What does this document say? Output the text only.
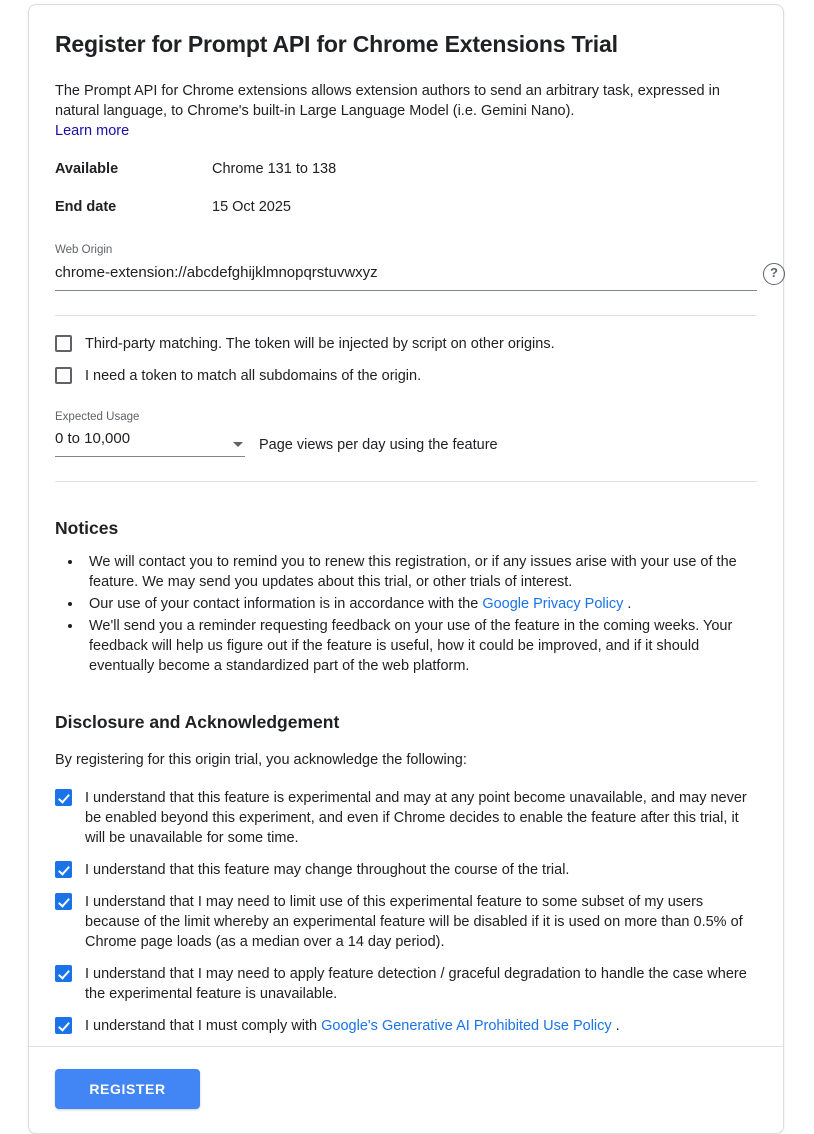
Register for Prompt API for Chrome Extensions Trial

The Prompt API for Chrome extensions allows extension authors to send an arbitrary task, expressed in natural language, to Chrome's built-in Large Language Model (i.e. Gemini Nano).
Learn more

Available	Chrome 131 to 138
End date	15 Oct 2025
Web Origin
chrome-extension://abcdefghijklmnopqrstuvwxyz
?
Third-party matching. The token will be injected by script on other origins.
I need a token to match all subdomains of the origin.
Expected Usage
0 to 10,000	Page views per day using the feature
Notices
• We will contact you to remind you to renew this registration, or if any issues arise with your use of the feature. We may send you updates about this trial, or other trials of interest.
• Our use of your contact information is in accordance with the Google Privacy Policy .
• We'll send you a reminder requesting feedback on your use of the feature in the coming weeks. Your feedback will help us figure out if the feature is useful, how it could be improved, and if it should eventually become a standardized part of the web platform.
Disclosure and Acknowledgement

By registering for this origin trial, you acknowledge the following:

I understand that this feature is experimental and may at any point become unavailable, and may never be enabled beyond this experiment, and even if Chrome decides to enable the feature after this trial, it will be unavailable for some time.
I understand that this feature may change throughout the course of the trial.
I understand that I may need to limit use of this experimental feature to some subset of my users because of the limit whereby an experimental feature will be disabled if it is used on more than 0.5% of Chrome page loads (as a median over a 14 day period).
I understand that I may need to apply feature detection / graceful degradation to handle the case where the experimental feature is unavailable.
I understand that I must comply with Google's Generative AI Prohibited Use Policy .
REGISTER
